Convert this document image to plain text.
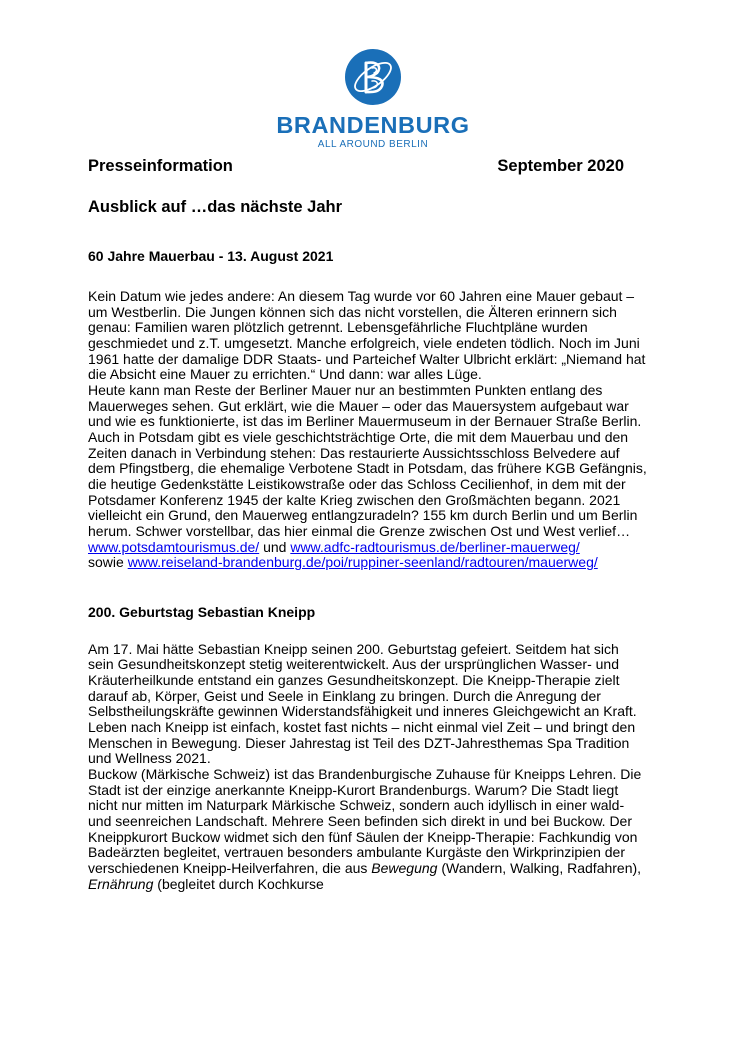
BRANDENBURG
ALL AROUND BERLIN
Presseinformation	September 2020
Ausblick auf …das nächste Jahr
60 Jahre Mauerbau - 13. August 2021

Kein Datum wie jedes andere: An diesem Tag wurde vor 60 Jahren eine Mauer gebaut – um Westberlin. Die Jungen können sich das nicht vorstellen, die Älteren erinnern sich genau: Familien waren plötzlich getrennt. Lebensgefährliche Fluchtpläne wurden geschmiedet und z.T. umgesetzt. Manche erfolgreich, viele endeten tödlich. Noch im Juni 1961 hatte der damalige DDR Staats- und Parteichef Walter Ulbricht erklärt: „Niemand hat die Absicht eine Mauer zu errichten.“ Und dann: war alles Lüge.

Heute kann man Reste der Berliner Mauer nur an bestimmten Punkten entlang des Mauerweges sehen. Gut erklärt, wie die Mauer – oder das Mauersystem aufgebaut war und wie es funktionierte, ist das im Berliner Mauermuseum in der Bernauer Straße Berlin. Auch in Potsdam gibt es viele geschichtsträchtige Orte, die mit dem Mauerbau und den Zeiten danach in Verbindung stehen: Das restaurierte Aussichtsschloss Belvedere auf dem Pfingstberg, die ehemalige Verbotene Stadt in Potsdam, das frühere KGB Gefängnis, die heutige Gedenkstätte Leistikowstraße oder das Schloss Cecilienhof, in dem mit der Potsdamer Konferenz 1945 der kalte Krieg zwischen den Großmächten begann. 2021 vielleicht ein Grund, den Mauerweg entlangzuradeln? 155 km durch Berlin und um Berlin herum. Schwer vorstellbar, das hier einmal die Grenze zwischen Ost und West verlief…

www.potsdamtourismus.de/ und www.adfc-radtourismus.de/berliner-mauerweg/

sowie www.reiseland-brandenburg.de/poi/ruppiner-seenland/radtouren/mauerweg/

200. Geburtstag Sebastian Kneipp

Am 17. Mai hätte Sebastian Kneipp seinen 200. Geburtstag gefeiert. Seitdem hat sich sein Gesundheitskonzept stetig weiterentwickelt. Aus der ursprünglichen Wasser- und Kräuterheilkunde entstand ein ganzes Gesundheitskonzept. Die Kneipp-Therapie zielt darauf ab, Körper, Geist und Seele in Einklang zu bringen. Durch die Anregung der Selbstheilungskräfte gewinnen Widerstandsfähigkeit und inneres Gleichgewicht an Kraft. Leben nach Kneipp ist einfach, kostet fast nichts – nicht einmal viel Zeit – und bringt den Menschen in Bewegung. Dieser Jahrestag ist Teil des DZT-Jahresthemas Spa Tradition und Wellness 2021.

Buckow (Märkische Schweiz) ist das Brandenburgische Zuhause für Kneipps Lehren. Die Stadt ist der einzige anerkannte Kneipp-Kurort Brandenburgs. Warum? Die Stadt liegt nicht nur mitten im Naturpark Märkische Schweiz, sondern auch idyllisch in einer wald- und seenreichen Landschaft. Mehrere Seen befinden sich direkt in und bei Buckow. Der Kneippkurort Buckow widmet sich den fünf Säulen der Kneipp-Therapie: Fachkundig von Badeärzten begleitet, vertrauen besonders ambulante Kurgäste den Wirkprinzipien der verschiedenen Kneipp-Heilverfahren, die aus Bewegung (Wandern, Walking, Radfahren), Ernährung (begleitet durch Kochkurse
